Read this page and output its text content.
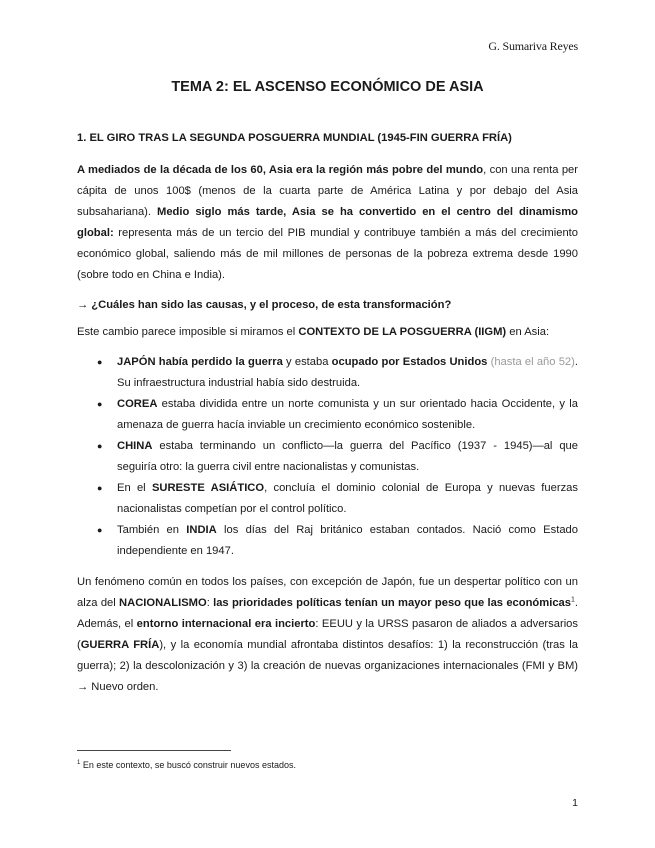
G. Sumariva Reyes
TEMA 2: EL ASCENSO ECONÓMICO DE ASIA
1. EL GIRO TRAS LA SEGUNDA POSGUERRA MUNDIAL (1945-FIN GUERRA FRÍA)

A mediados de la década de los 60, Asia era la región más pobre del mundo, con una renta per cápita de unos 100$ (menos de la cuarta parte de América Latina y por debajo del Asia subsahariana). Medio siglo más tarde, Asia se ha convertido en el centro del dinamismo global: representa más de un tercio del PIB mundial y contribuye también a más del crecimiento económico global, saliendo más de mil millones de personas de la pobreza extrema desde 1990 (sobre todo en China e India).

→ ¿Cuáles han sido las causas, y el proceso, de esta transformación?

Este cambio parece imposible si miramos el CONTEXTO DE LA POSGUERRA (IIGM) en Asia:

● JAPÓN había perdido la guerra y estaba ocupado por Estados Unidos (hasta el año 52). Su infraestructura industrial había sido destruida.
● COREA estaba dividida entre un norte comunista y un sur orientado hacia Occidente, y la amenaza de guerra hacía inviable un crecimiento económico sostenible.
● CHINA estaba terminando un conflicto—la guerra del Pacífico (1937 - 1945)—al que seguiría otro: la guerra civil entre nacionalistas y comunistas.
● En el SURESTE ASIÁTICO, concluía el dominio colonial de Europa y nuevas fuerzas nacionalistas competían por el control político.
● También en INDIA los días del Raj británico estaban contados. Nació como Estado independiente en 1947.

Un fenómeno común en todos los países, con excepción de Japón, fue un despertar político con un alza del NACIONALISMO: las prioridades políticas tenían un mayor peso que las económicas$^1$. Además, el entorno internacional era incierto: EEUU y la URSS pasaron de aliados a adversarios (GUERRA FRÍA), y la economía mundial afrontaba distintos desafíos: 1) la reconstrucción (tras la guerra); 2) la descolonización y 3) la creación de nuevas organizaciones internacionales (FMI y BM) → Nuevo orden.

$^1$ En este contexto, se buscó construir nuevos estados.
1
